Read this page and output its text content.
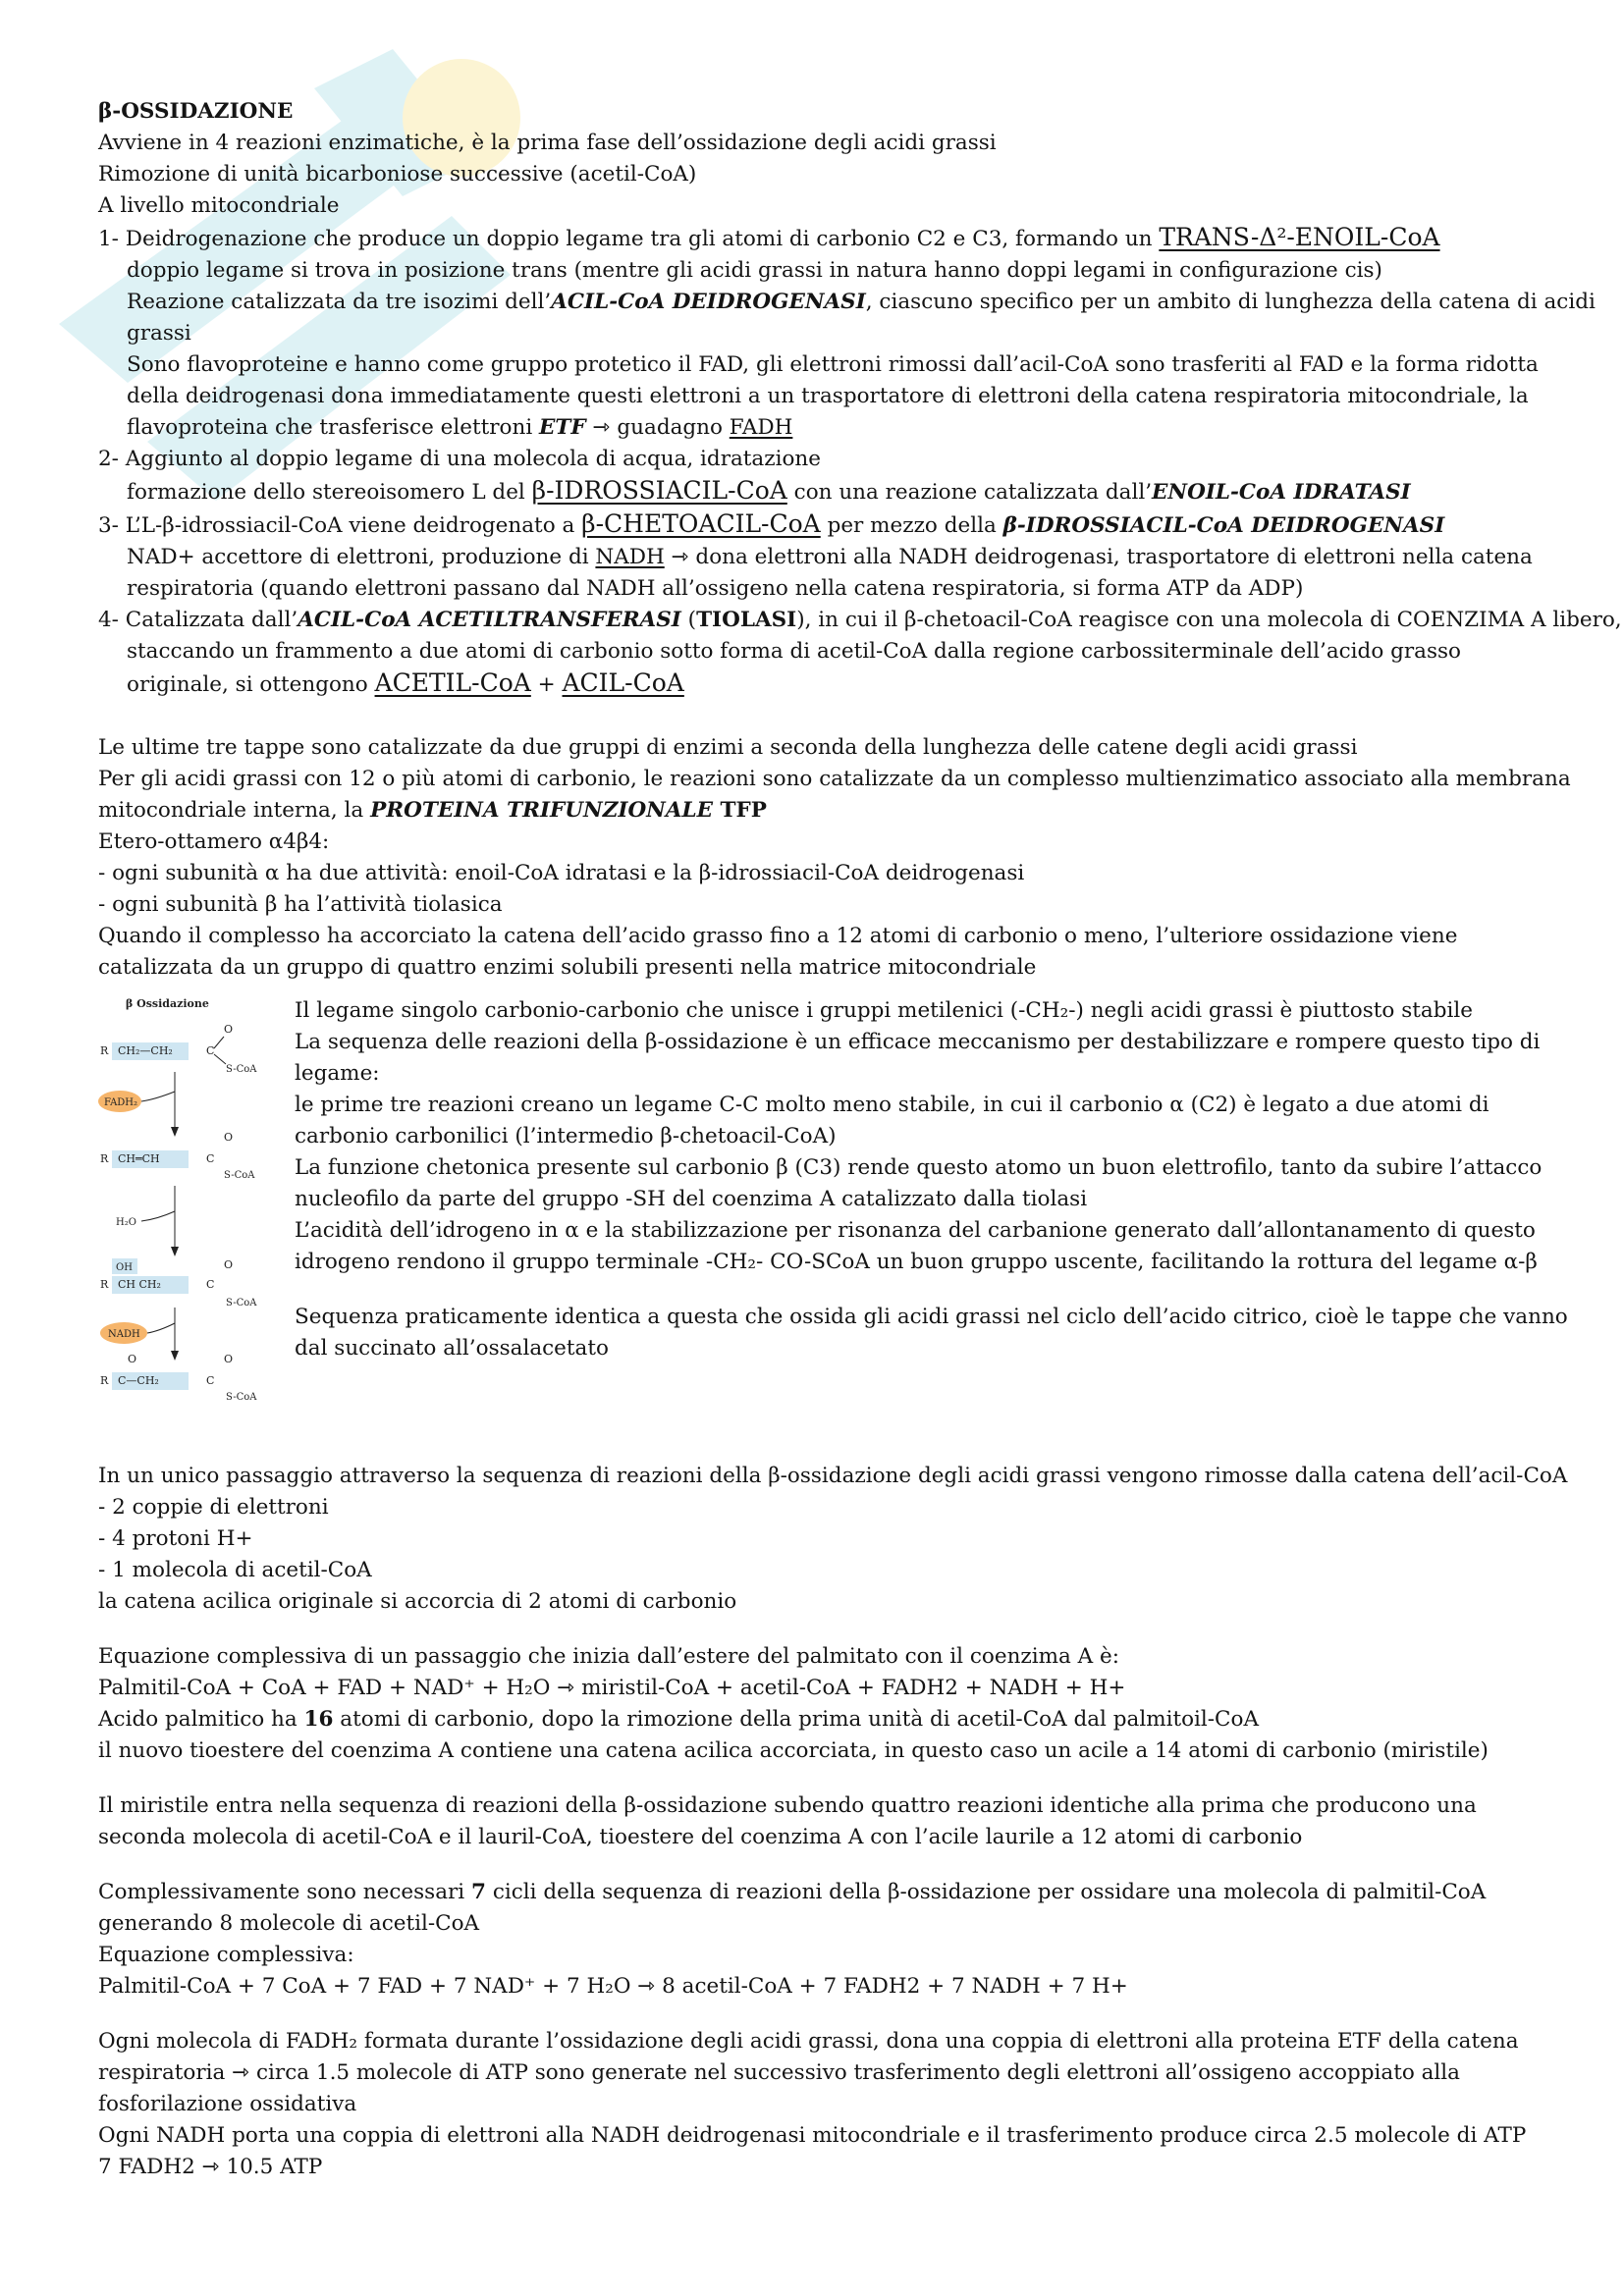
β-OSSIDAZIONE
Avviene in 4 reazioni enzimatiche, è la prima fase dell’ossidazione degli acidi grassi
Rimozione di unità bicarboniose successive (acetil-CoA)
A livello mitocondriale
1- Deidrogenazione che produce un doppio legame tra gli atomi di carbonio C2 e C3, formando un TRANS-Δ²-ENOIL-CoA
doppio legame si trova in posizione trans (mentre gli acidi grassi in natura hanno doppi legami in configurazione cis)
Reazione catalizzata da tre isozimi dell’ACIL-CoA DEIDROGENASI, ciascuno specifico per un ambito di lunghezza della catena di acidi
grassi
Sono flavoproteine e hanno come gruppo protetico il FAD, gli elettroni rimossi dall’acil-CoA sono trasferiti al FAD e la forma ridotta
della deidrogenasi dona immediatamente questi elettroni a un trasportatore di elettroni della catena respiratoria mitocondriale, la
flavoproteina che trasferisce elettroni ETF ⇾ guadagno FADH
2- Aggiunto al doppio legame di una molecola di acqua, idratazione
formazione dello stereoisomero L del β-IDROSSIACIL-CoA con una reazione catalizzata dall’ENOIL-CoA IDRATASI
3- L’L-β-idrossiacil-CoA viene deidrogenato a β-CHETOACIL-CoA per mezzo della β-IDROSSIACIL-CoA DEIDROGENASI
NAD+ accettore di elettroni, produzione di NADH ⇾ dona elettroni alla NADH deidrogenasi, trasportatore di elettroni nella catena
respiratoria (quando elettroni passano dal NADH all’ossigeno nella catena respiratoria, si forma ATP da ADP)
4- Catalizzata dall’ACIL-CoA ACETILTRANSFERASI (TIOLASI), in cui il β-chetoacil-CoA reagisce con una molecola di COENZIMA A libero,
staccando un frammento a due atomi di carbonio sotto forma di acetil-CoA dalla regione carbossiterminale dell’acido grasso
originale, si ottengono ACETIL-CoA + ACIL-CoA
Le ultime tre tappe sono catalizzate da due gruppi di enzimi a seconda della lunghezza delle catene degli acidi grassi
Per gli acidi grassi con 12 o più atomi di carbonio, le reazioni sono catalizzate da un complesso multienzimatico associato alla membrana
mitocondriale interna, la PROTEINA TRIFUNZIONALE TFP
Etero-ottamero α4β4:
- ogni subunità α ha due attività: enoil-CoA idratasi e la β-idrossiacil-CoA deidrogenasi
- ogni subunità β ha l’attività tiolasica
Quando il complesso ha accorciato la catena dell’acido grasso fino a 12 atomi di carbonio o meno, l’ulteriore ossidazione viene
catalizzata da un gruppo di quattro enzimi solubili presenti nella matrice mitocondriale
β Ossidazione
R CH₂—CH₂	C
O
S-CoA
FADH₂
R CH═CH	C
O
S-CoA
H₂O
OH
R CH CH₂	C
O
S-CoA
NADH
O
R C—CH₂	C
O
S-CoA
Il legame singolo carbonio-carbonio che unisce i gruppi metilenici (-CH₂-) negli acidi grassi è piuttosto stabile
La sequenza delle reazioni della β-ossidazione è un efficace meccanismo per destabilizzare e rompere questo tipo di
legame:
le prime tre reazioni creano un legame C-C molto meno stabile, in cui il carbonio α (C2) è legato a due atomi di
carbonio carbonilici (l’intermedio β-chetoacil-CoA)
La funzione chetonica presente sul carbonio β (C3) rende questo atomo un buon elettrofilo, tanto da subire l’attacco
nucleofilo da parte del gruppo -SH del coenzima A catalizzato dalla tiolasi
L’acidità dell’idrogeno in α e la stabilizzazione per risonanza del carbanione generato dall’allontanamento di questo
idrogeno rendono il gruppo terminale -CH₂- CO-SCoA un buon gruppo uscente, facilitando la rottura del legame α-β
Sequenza praticamente identica a questa che ossida gli acidi grassi nel ciclo dell’acido citrico, cioè le tappe che vanno
dal succinato all’ossalacetato
In un unico passaggio attraverso la sequenza di reazioni della β-ossidazione degli acidi grassi vengono rimosse dalla catena dell’acil-CoA
- 2 coppie di elettroni
- 4 protoni H+
- 1 molecola di acetil-CoA
la catena acilica originale si accorcia di 2 atomi di carbonio
Equazione complessiva di un passaggio che inizia dall’estere del palmitato con il coenzima A è:
Palmitil-CoA + CoA + FAD + NAD⁺ + H₂O ⇾ miristil-CoA + acetil-CoA + FADH2 + NADH + H+
Acido palmitico ha 16 atomi di carbonio, dopo la rimozione della prima unità di acetil-CoA dal palmitoil-CoA
il nuovo tioestere del coenzima A contiene una catena acilica accorciata, in questo caso un acile a 14 atomi di carbonio (miristile)
Il miristile entra nella sequenza di reazioni della β-ossidazione subendo quattro reazioni identiche alla prima che producono una
seconda molecola di acetil-CoA e il lauril-CoA, tioestere del coenzima A con l’acile laurile a 12 atomi di carbonio
Complessivamente sono necessari 7 cicli della sequenza di reazioni della β-ossidazione per ossidare una molecola di palmitil-CoA
generando 8 molecole di acetil-CoA
Equazione complessiva:
Palmitil-CoA + 7 CoA + 7 FAD + 7 NAD⁺ + 7 H₂O ⇾ 8 acetil-CoA + 7 FADH2 + 7 NADH + 7 H+
Ogni molecola di FADH₂ formata durante l’ossidazione degli acidi grassi, dona una coppia di elettroni alla proteina ETF della catena
respiratoria ⇾ circa 1.5 molecole di ATP sono generate nel successivo trasferimento degli elettroni all’ossigeno accoppiato alla
fosforilazione ossidativa
Ogni NADH porta una coppia di elettroni alla NADH deidrogenasi mitocondriale e il trasferimento produce circa 2.5 molecole di ATP
7 FADH2 ⇾ 10.5 ATP
